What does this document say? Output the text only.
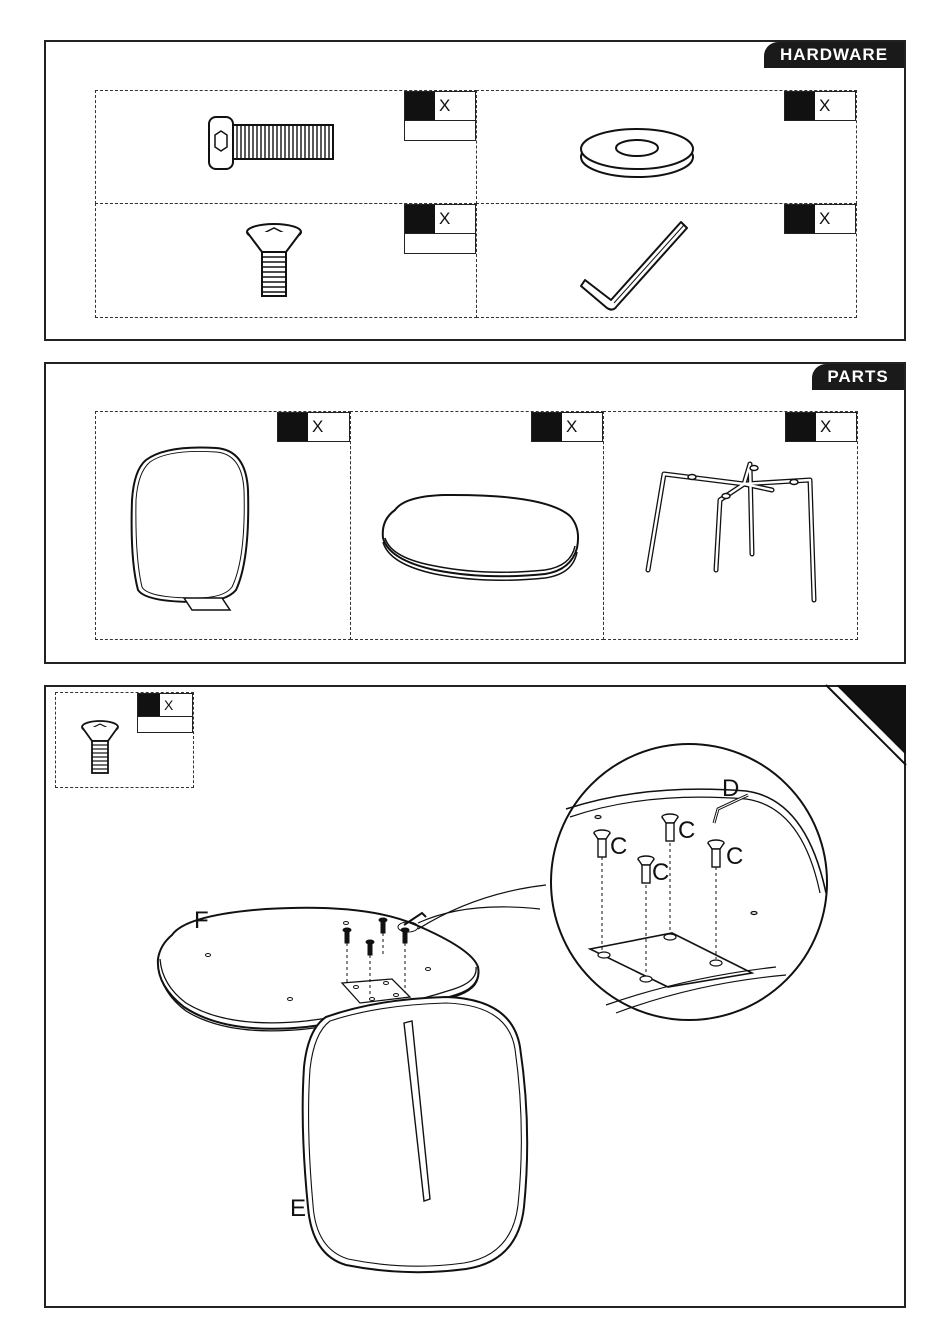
HARDWARE
X	X
X	X
PARTS
X	X	X
X
F
E
D
C
C
C
C
